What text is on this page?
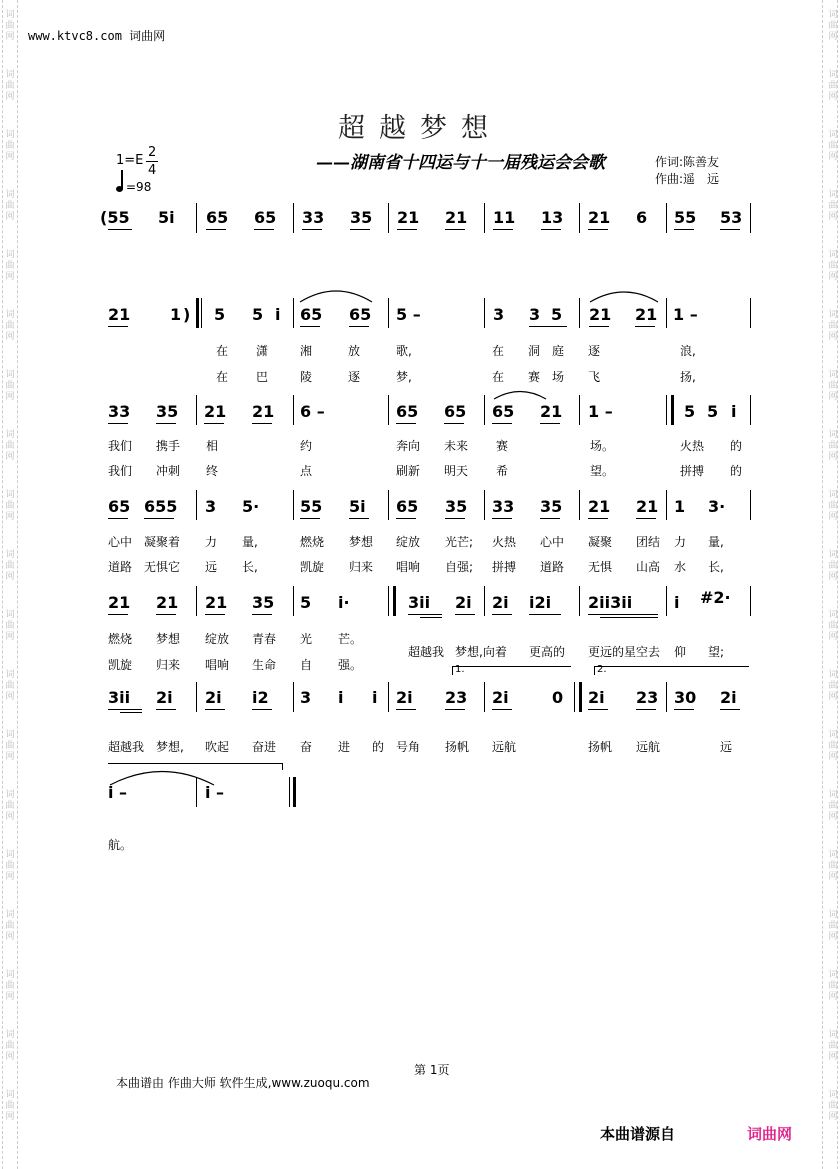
词
曲
网
词
曲
网
词
曲
网
词
曲
网
词
曲
网
词
曲
网
词
曲
网
词
曲
网
词
曲
网
词
曲
网
词
曲
网
词
曲
网
词
曲
网
词
曲
网
词
曲
网
词
曲
网
词
曲
网
词
曲
网
词
曲
网
词
曲
网
词
曲
网
词
曲
网
词
曲
网
词
曲
网
词
曲
网
词
曲
网
词
曲
网
词
曲
网
词
曲
网
词
曲
网
词
曲
网
词
曲
网
词
曲
网
词
曲
网
词
曲
网
词
曲
网
词
曲
网
词
曲
网
www.ktvc8.com 词曲网
超越梦想
——湖南省十四运与十一届残运会会歌	作词:陈善友
作曲:遥　远
1=E
2
4
=98
(55 5i 65 65 33 35 21 21 11 13 21 6 55 53
21 1 ) 5 5 i 65 65 5 –	3 3 5 21 21 1 –
在 潇	湘	放	歌,	在 洞 庭 逐	浪,
在 巴	陵	逐	梦,	在 赛 场 飞	扬,
33 35 21 21 6 –	65 65 65 21 1 –	5 5 i
我们 携手 相	约	奔向 未来 赛	场。	火热 的
我们 冲刺 终	点	刷新 明天 希	望。	拼搏 的
65 655 3 5·	55 5i 65 35 33 35 21 21 1 3·
心中 凝聚着 力 量,	燃烧 梦想 绽放 光芒; 火热 心中 凝聚 团结 力 量,
道路 无惧它 远 长,	凯旋 归来 唱响 自强; 拼搏 道路 无惧 山高 水 长,
21 21 21 35 5 i·	3ii 2i 2i i2i 2ii3ii	i #2·
超越我 梦想,向着 更高的 更远的星空去 仰 望;
燃烧 梦想 绽放 青春 光 芒。
凯旋 归来 唱响 生命 自 强。	1.	2.
3ii 2i 2i i2 3 i i 2i 23 2i	0 2i 23 30 2i
超越我 梦想, 吹起 奋进 奋 进 的 号角 扬帆 远航	扬帆 远航	远
i –	i –
航。
第 1页
本曲谱由 作曲大师 软件生成,www.zuoqu.com
本曲谱源自	词曲网
